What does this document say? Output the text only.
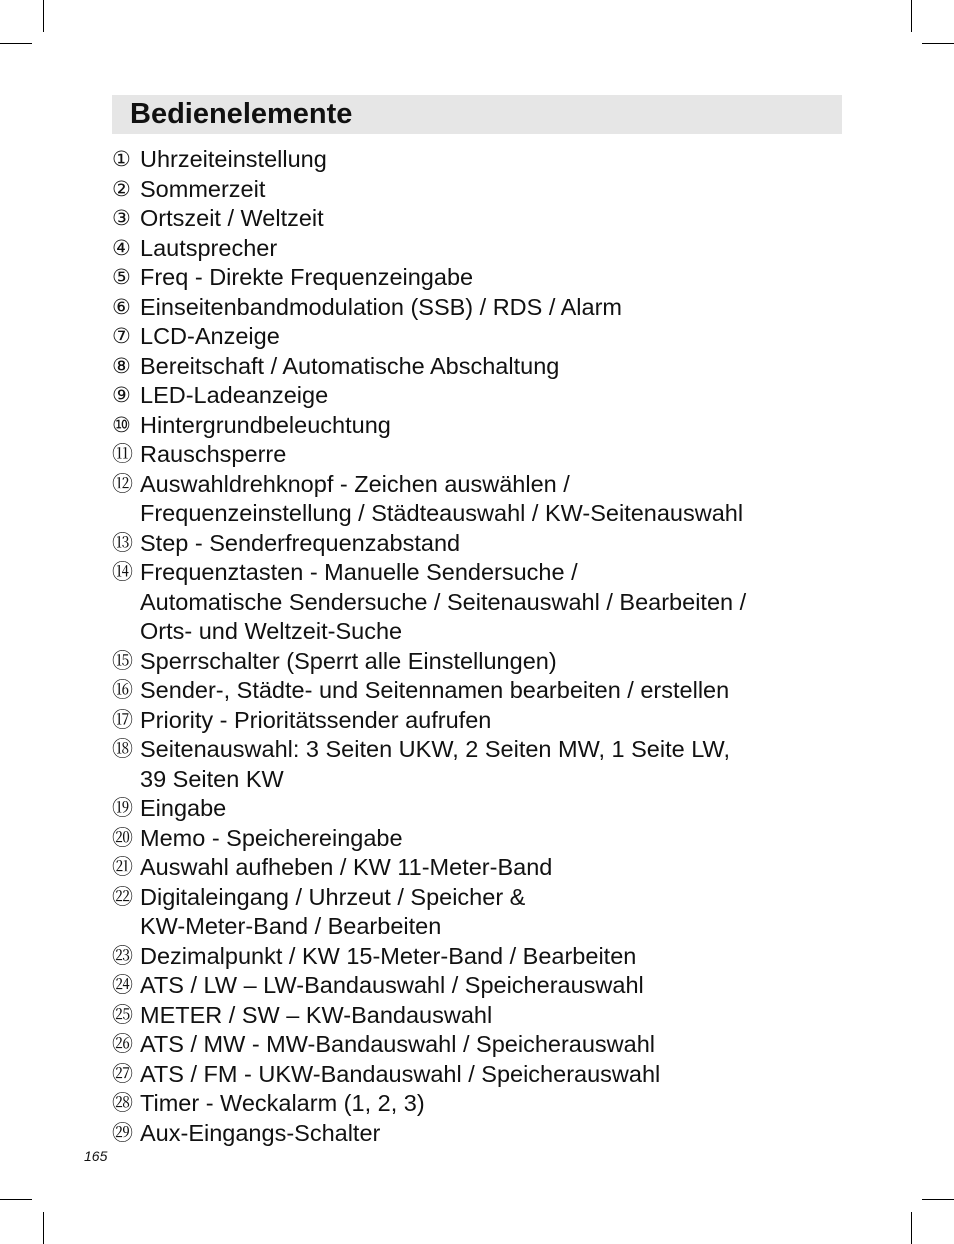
Bedienelemente
① Uhrzeiteinstellung
② Sommerzeit
③ Ortszeit / Weltzeit
④ Lautsprecher
⑤ Freq - Direkte Frequenzeingabe
⑥ Einseitenbandmodulation (SSB) / RDS / Alarm
⑦ LCD-Anzeige
⑧ Bereitschaft / Automatische Abschaltung
⑨ LED-Ladeanzeige
⑩ Hintergrundbeleuchtung
⑪ Rauschsperre
⑫ Auswahldrehknopf - Zeichen auswählen /
Frequenzeinstellung / Städteauswahl / KW-Seitenauswahl
⑬ Step - Senderfrequenzabstand
⑭ Frequenztasten - Manuelle Sendersuche /
Automatische Sendersuche / Seitenauswahl / Bearbeiten /
Orts- und Weltzeit-Suche
⑮ Sperrschalter (Sperrt alle Einstellungen)
⑯ Sender-, Städte- und Seitennamen bearbeiten / erstellen
⑰ Priority - Prioritätssender aufrufen
⑱ Seitenauswahl: 3 Seiten UKW, 2 Seiten MW, 1 Seite LW,
39 Seiten KW
⑲ Eingabe
⑳ Memo - Speichereingabe
㉑ Auswahl aufheben / KW 11-Meter-Band
㉒ Digitaleingang / Uhrzeut / Speicher &
KW-Meter-Band / Bearbeiten
㉓ Dezimalpunkt / KW 15-Meter-Band / Bearbeiten
㉔ ATS / LW – LW-Bandauswahl / Speicherauswahl
㉕ METER / SW – KW-Bandauswahl
㉖ ATS / MW - MW-Bandauswahl / Speicherauswahl
㉗ ATS / FM - UKW-Bandauswahl / Speicherauswahl
㉘ Timer - Weckalarm (1, 2, 3)
㉙ Aux-Eingangs-Schalter
165
